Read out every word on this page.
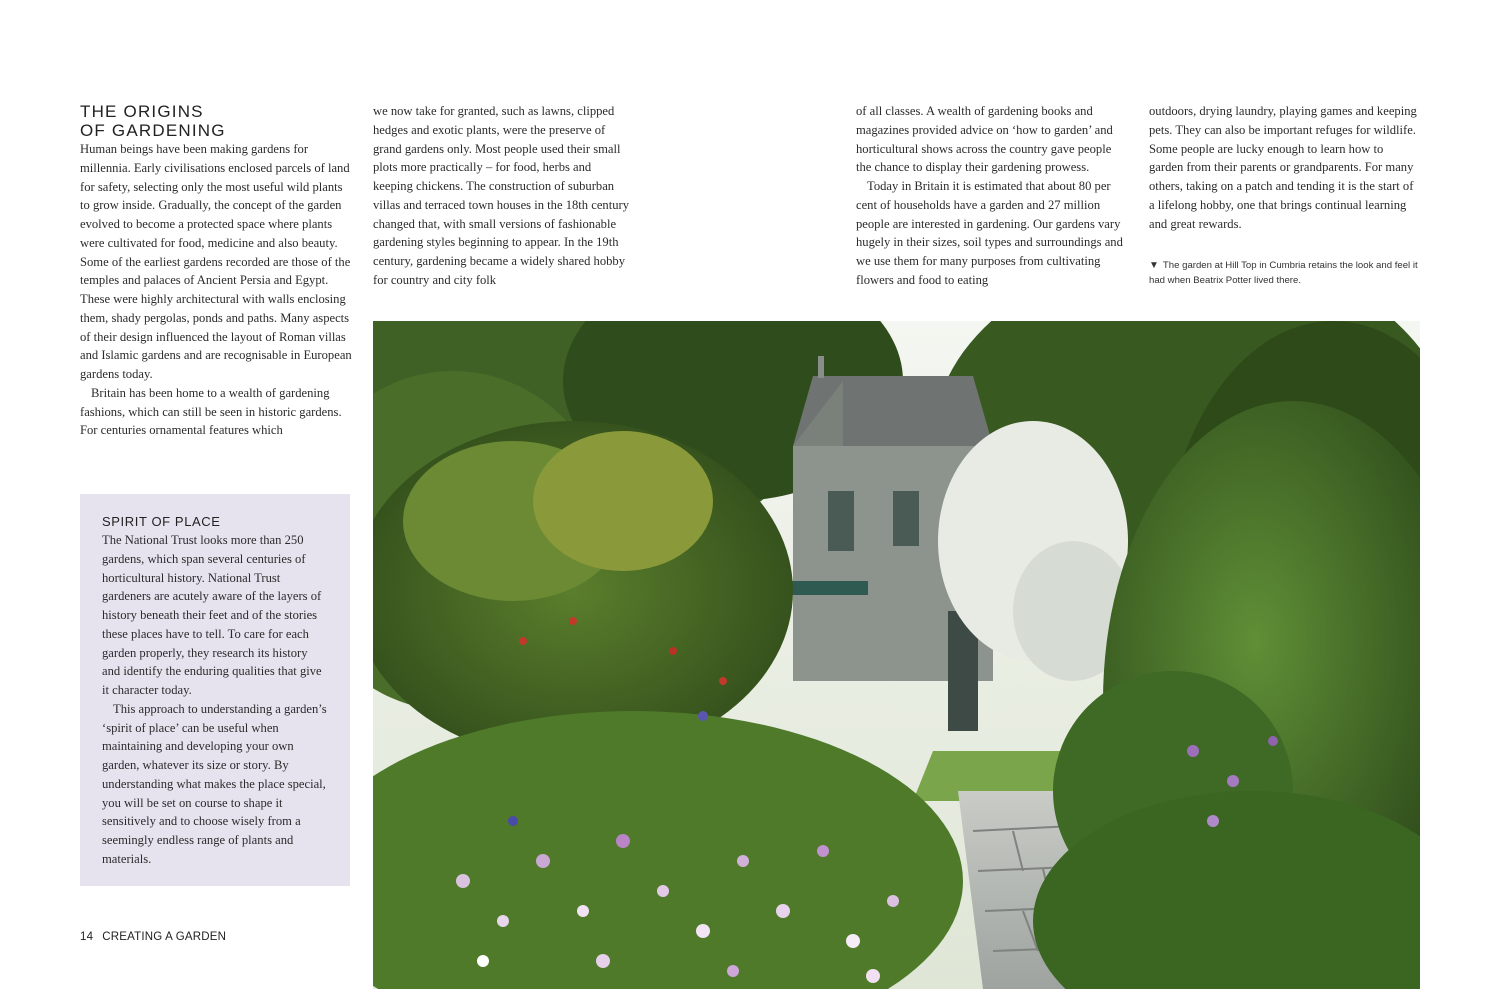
THE ORIGINS
OF GARDENING

Human beings have been making gardens for millennia. Early civilisations enclosed parcels of land for safety, selecting only the most useful wild plants to grow inside. Gradually, the concept of the garden evolved to become a protected space where plants were cultivated for food, medicine and also beauty. Some of the earliest gardens recorded are those of the temples and palaces of Ancient Persia and Egypt. These were highly architectural with walls enclosing them, shady pergolas, ponds and paths. Many aspects of their design influenced the layout of Roman villas and Islamic gardens and are recognisable in European gardens today.

Britain has been home to a wealth of gardening fashions, which can still be seen in historic gardens. For centuries ornamental features which

we now take for granted, such as lawns, clipped hedges and exotic plants, were the preserve of grand gardens only. Most people used their small plots more practically – for food, herbs and keeping chickens. The construction of suburban villas and terraced town houses in the 18th century changed that, with small versions of fashionable gardening styles beginning to appear. In the 19th century, gardening became a widely shared hobby for country and city folk

of all classes. A wealth of gardening books and magazines provided advice on ‘how to garden’ and horticultural shows across the country gave people the chance to display their gardening prowess.

Today in Britain it is estimated that about 80 per cent of households have a garden and 27 million people are interested in gardening. Our gardens vary hugely in their sizes, soil types and surroundings and we use them for many purposes from cultivating flowers and food to eating

outdoors, drying laundry, playing games and keeping pets. They can also be important refuges for wildlife. Some people are lucky enough to learn how to garden from their parents or grandparents. For many others, taking on a patch and tending it is the start of a lifelong hobby, one that brings continual learning and great rewards.

▼ The garden at Hill Top in Cumbria retains the look and feel it had when Beatrix Potter lived there.
SPIRIT OF PLACE

The National Trust looks more than 250 gardens, which span several centuries of horticultural history. National Trust gardeners are acutely aware of the layers of history beneath their feet and of the stories these places have to tell. To care for each garden properly, they research its history and identify the enduring qualities that give it character today.

This approach to understanding a garden’s ‘spirit of place’ can be useful when maintaining and developing your own garden, whatever its size or story. By understanding what makes the place special, you will be set on course to shape it sensitively and to choose wisely from a seemingly endless range of plants and materials.

14 CREATING A GARDEN
